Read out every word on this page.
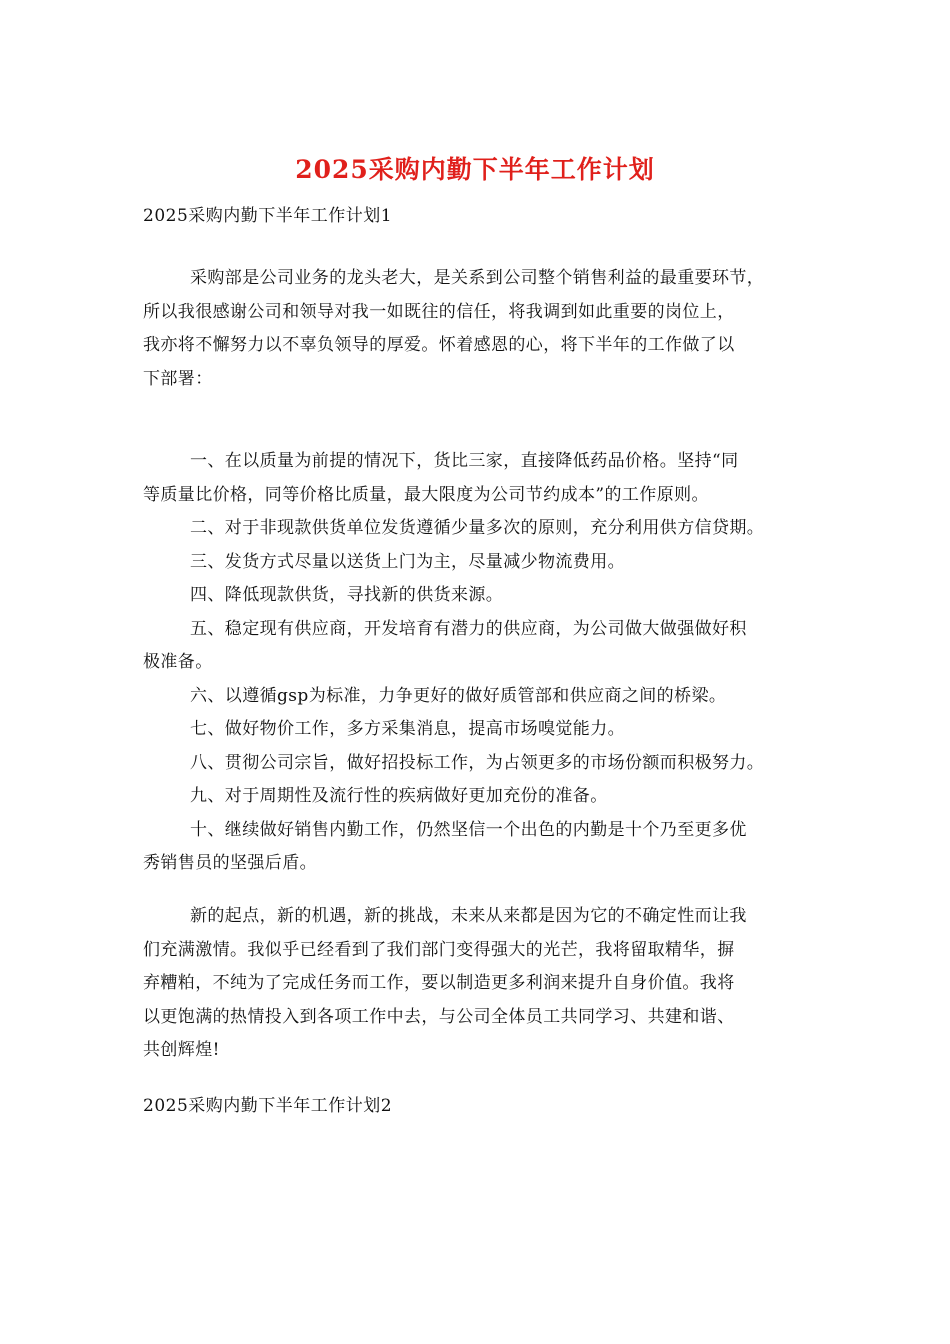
2025采购内勤下半年工作计划
2025采购内勤下半年工作计划1
采购部是公司业务的龙头老大，是关系到公司整个销售利益的最重要环节，
所以我很感谢公司和领导对我一如既往的信任，将我调到如此重要的岗位上，
我亦将不懈努力以不辜负领导的厚爱。怀着感恩的心，将下半年的工作做了以
下部署：
一、在以质量为前提的情况下，货比三家，直接降低药品价格。坚持“同
等质量比价格，同等价格比质量，最大限度为公司节约成本”的工作原则。
二、对于非现款供货单位发货遵循少量多次的原则，充分利用供方信贷期。
三、发货方式尽量以送货上门为主，尽量减少物流费用。
四、降低现款供货，寻找新的供货来源。
五、稳定现有供应商，开发培育有潜力的供应商，为公司做大做强做好积
极准备。
六、以遵循gsp为标准，力争更好的做好质管部和供应商之间的桥梁。
七、做好物价工作，多方采集消息，提高市场嗅觉能力。
八、贯彻公司宗旨，做好招投标工作，为占领更多的市场份额而积极努力。
九、对于周期性及流行性的疾病做好更加充份的准备。
十、继续做好销售内勤工作，仍然坚信一个出色的内勤是十个乃至更多优
秀销售员的坚强后盾。
新的起点，新的机遇，新的挑战，未来从来都是因为它的不确定性而让我
们充满激情。我似乎已经看到了我们部门变得强大的光芒，我将留取精华，摒
弃糟粕，不纯为了完成任务而工作，要以制造更多利润来提升自身价值。我将
以更饱满的热情投入到各项工作中去，与公司全体员工共同学习、共建和谐、
共创辉煌!
2025采购内勤下半年工作计划2
